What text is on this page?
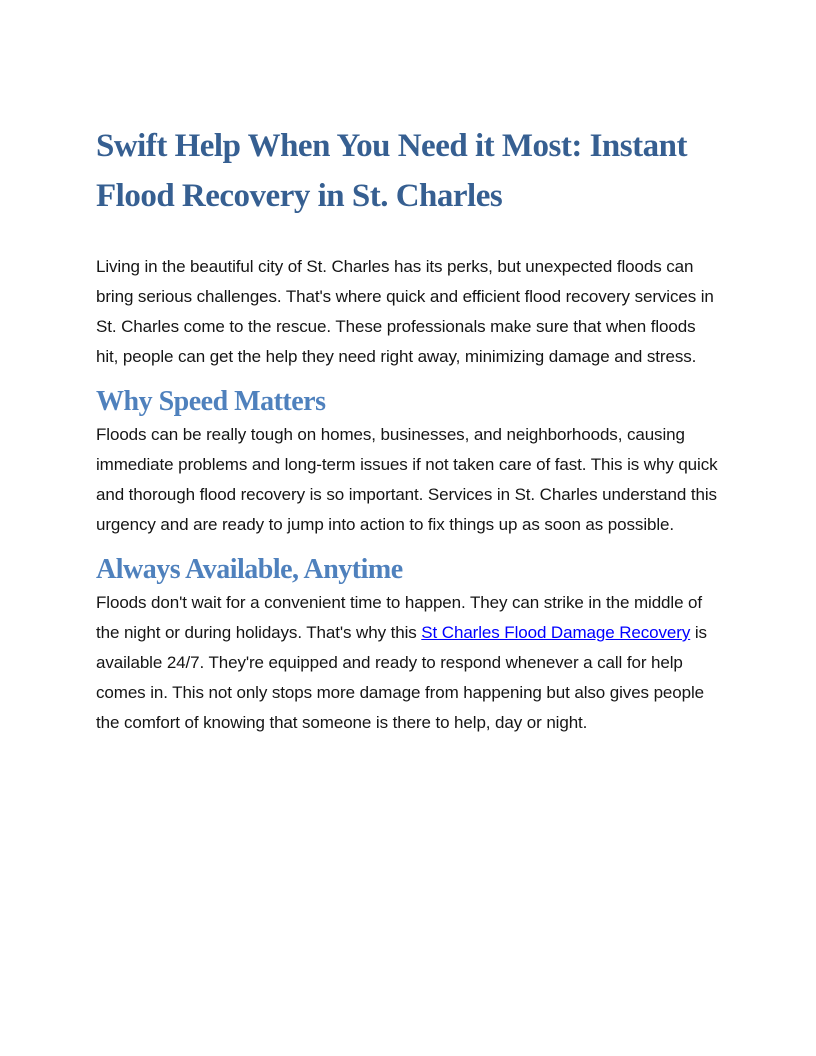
Swift Help When You Need it Most: Instant Flood Recovery in St. Charles

Living in the beautiful city of St. Charles has its perks, but unexpected floods can bring serious challenges. That's where quick and efficient flood recovery services in St. Charles come to the rescue. These professionals make sure that when floods hit, people can get the help they need right away, minimizing damage and stress.

Why Speed Matters

Floods can be really tough on homes, businesses, and neighborhoods, causing immediate problems and long-term issues if not taken care of fast. This is why quick and thorough flood recovery is so important. Services in St. Charles understand this urgency and are ready to jump into action to fix things up as soon as possible.

Always Available, Anytime

Floods don't wait for a convenient time to happen. They can strike in the middle of the night or during holidays. That's why this St Charles Flood Damage Recovery is available 24/7. They're equipped and ready to respond whenever a call for help comes in. This not only stops more damage from happening but also gives people the comfort of knowing that someone is there to help, day or night.
